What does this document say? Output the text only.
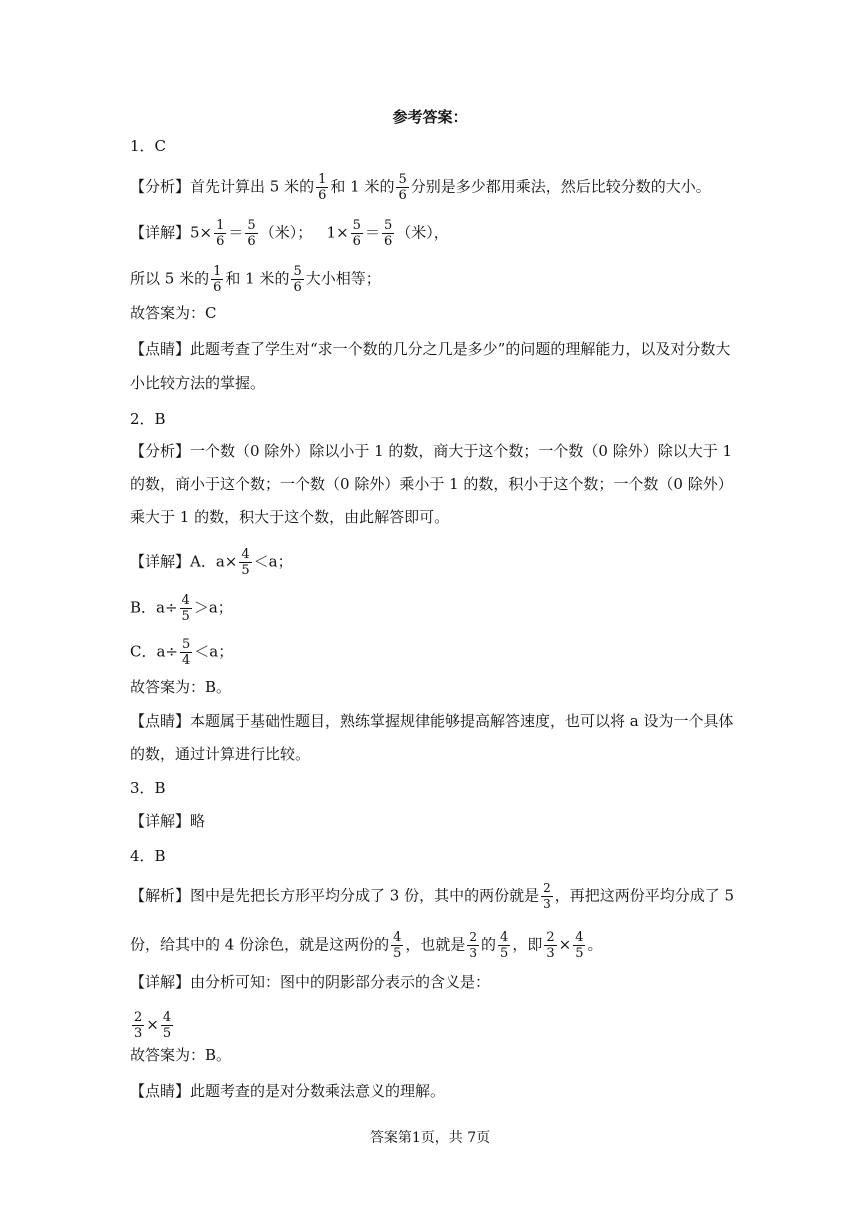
参考答案：
1．C
【分析】首先计算出 5 米的 $\frac{1}{6}$ 和 1 米的 $\frac{5}{6}$ 分别是多少都用乘法，然后比较分数的大小。
【详解】$5\times \frac{1}{6} = \frac{5}{6}$ （米）； $1\times \frac{5}{6} = \frac{5}{6}$ （米），
所以 5 米的 $\frac{1}{6}$ 和 1 米的 $\frac{5}{6}$ 大小相等；
故答案为：C
【点睛】此题考查了学生对“求一个数的几分之几是多少”的问题的理解能力，以及对分数大
小比较方法的掌握。
2．B
【分析】一个数（0 除外）除以小于 1 的数，商大于这个数；一个数（0 除外）除以大于 1
的数，商小于这个数；一个数（0 除外）乘小于 1 的数，积小于这个数；一个数（0 除外）
乘大于 1 的数，积大于这个数，由此解答即可。
【详解】A．$a\times \frac{4}{5} <a$；
B．$a\div \frac{4}{5} >a$；
C．$a\div \frac{5}{4} <a$；
故答案为：B。
【点睛】本题属于基础性题目，熟练掌握规律能够提高解答速度，也可以将 a 设为一个具体
的数，通过计算进行比较。
3．B
【详解】略
4．B
【解析】图中是先把长方形平均分成了 3 份，其中的两份就是 $\frac{2}{3}$ ，再把这两份平均分成了 5
份，给其中的 4 份涂色，就是这两份的 $\frac{4}{5}$ ，也就是 $\frac{2}{3}$ 的 $\frac{4}{5}$ ，即 $\frac{2}{3} \times \frac{4}{5}$ 。
【详解】由分析可知：图中的阴影部分表示的含义是：
$\frac{2}{3} \times \frac{4}{5}$
故答案为：B。
【点睛】此题考查的是对分数乘法意义的理解。
答案第1页，共 7页
